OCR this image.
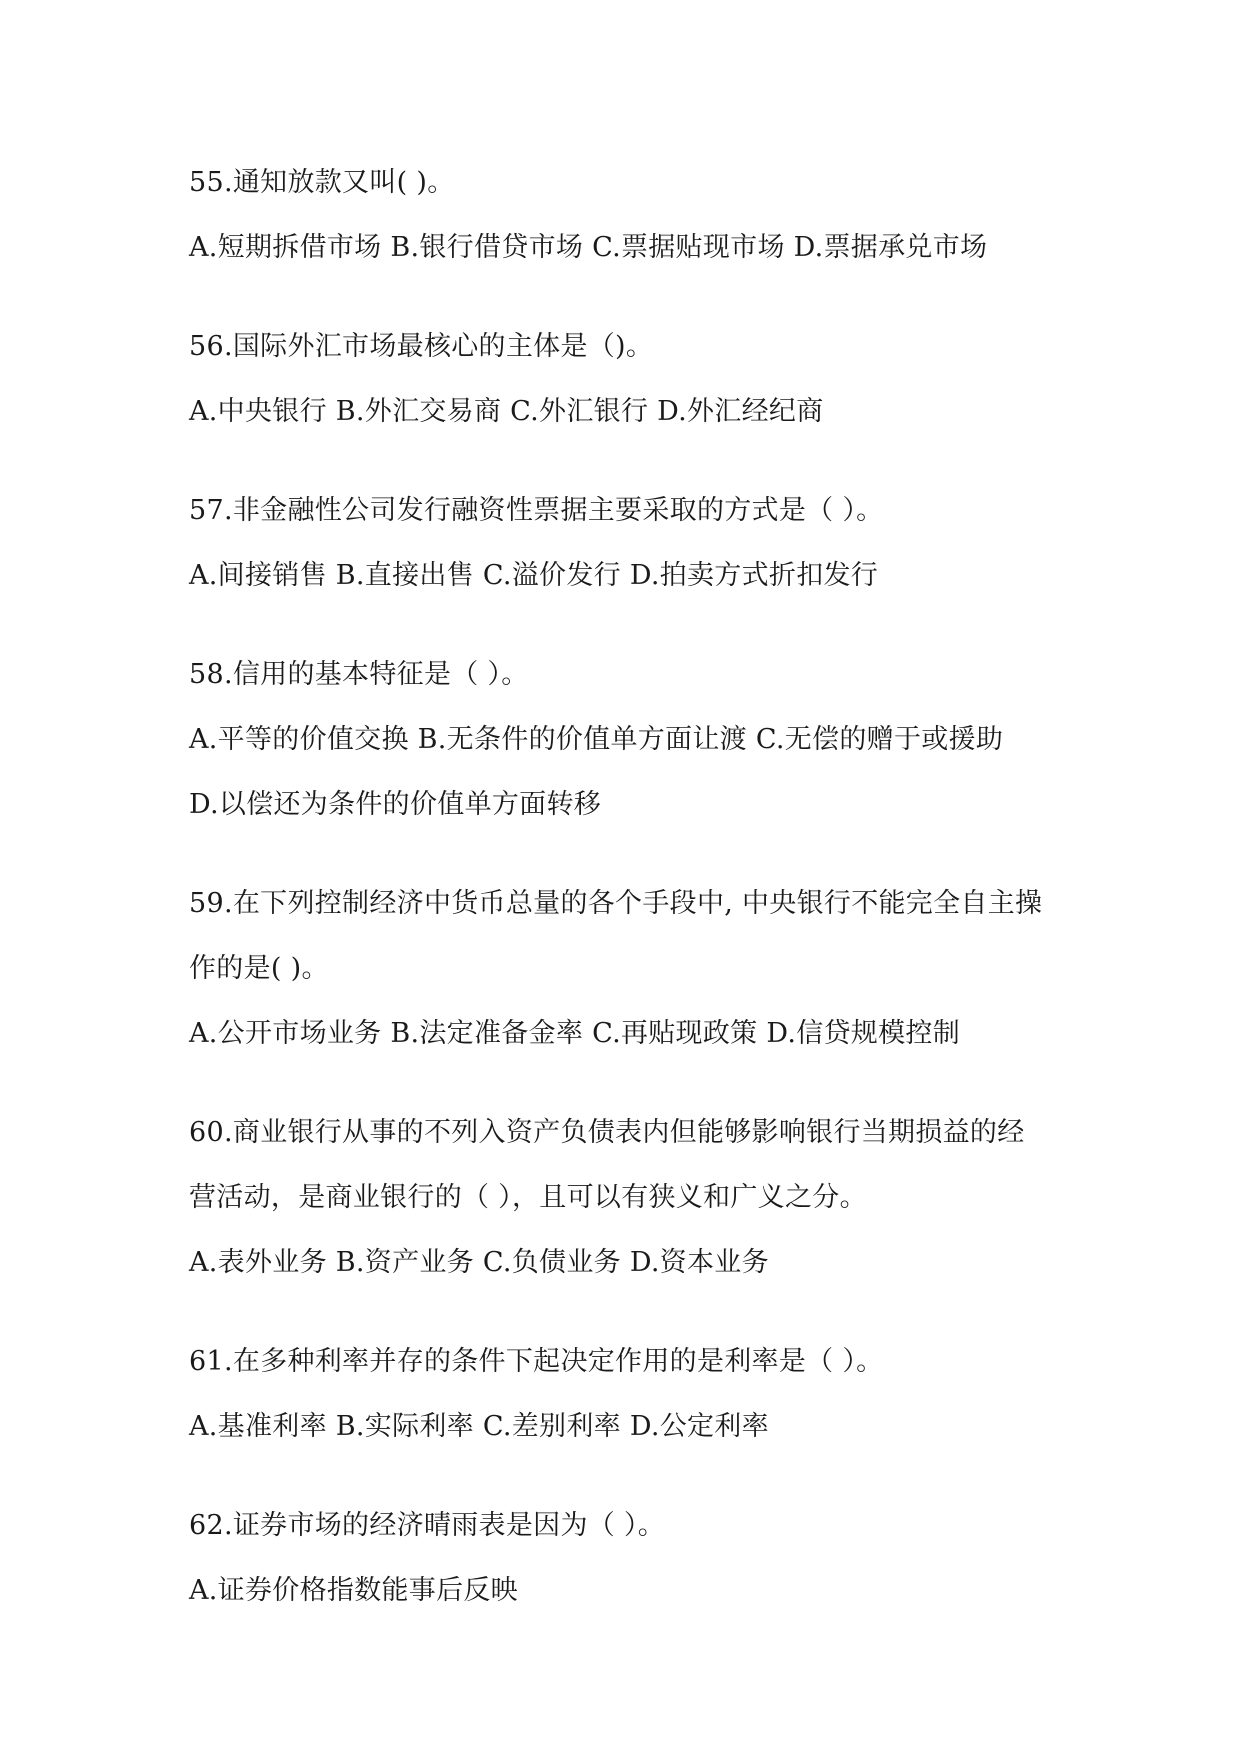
55.通知放款又叫( )。
A.短期拆借市场 B.银行借贷市场 C.票据贴现市场 D.票据承兑市场
56.国际外汇市场最核心的主体是（)。
A.中央银行 B.外汇交易商 C.外汇银行 D.外汇经纪商
57.非金融性公司发行融资性票据主要采取的方式是（ ）。
A.间接销售 B.直接出售 C.溢价发行 D.拍卖方式折扣发行
58.信用的基本特征是（ ）。
A.平等的价值交换 B.无条件的价值单方面让渡 C.无偿的赠于或援助
D.以偿还为条件的价值单方面转移
59.在下列控制经济中货币总量的各个手段中, 中央银行不能完全自主操
作的是( )。
A.公开市场业务 B.法定准备金率 C.再贴现政策 D.信贷规模控制
60.商业银行从事的不列入资产负债表内但能够影响银行当期损益的经
营活动，是商业银行的（ ），且可以有狭义和广义之分。
A.表外业务 B.资产业务 C.负债业务 D.资本业务
61.在多种利率并存的条件下起决定作用的是利率是（ ）。
A.基准利率 B.实际利率 C.差别利率 D.公定利率
62.证券市场的经济晴雨表是因为（ ）。
A.证券价格指数能事后反映
